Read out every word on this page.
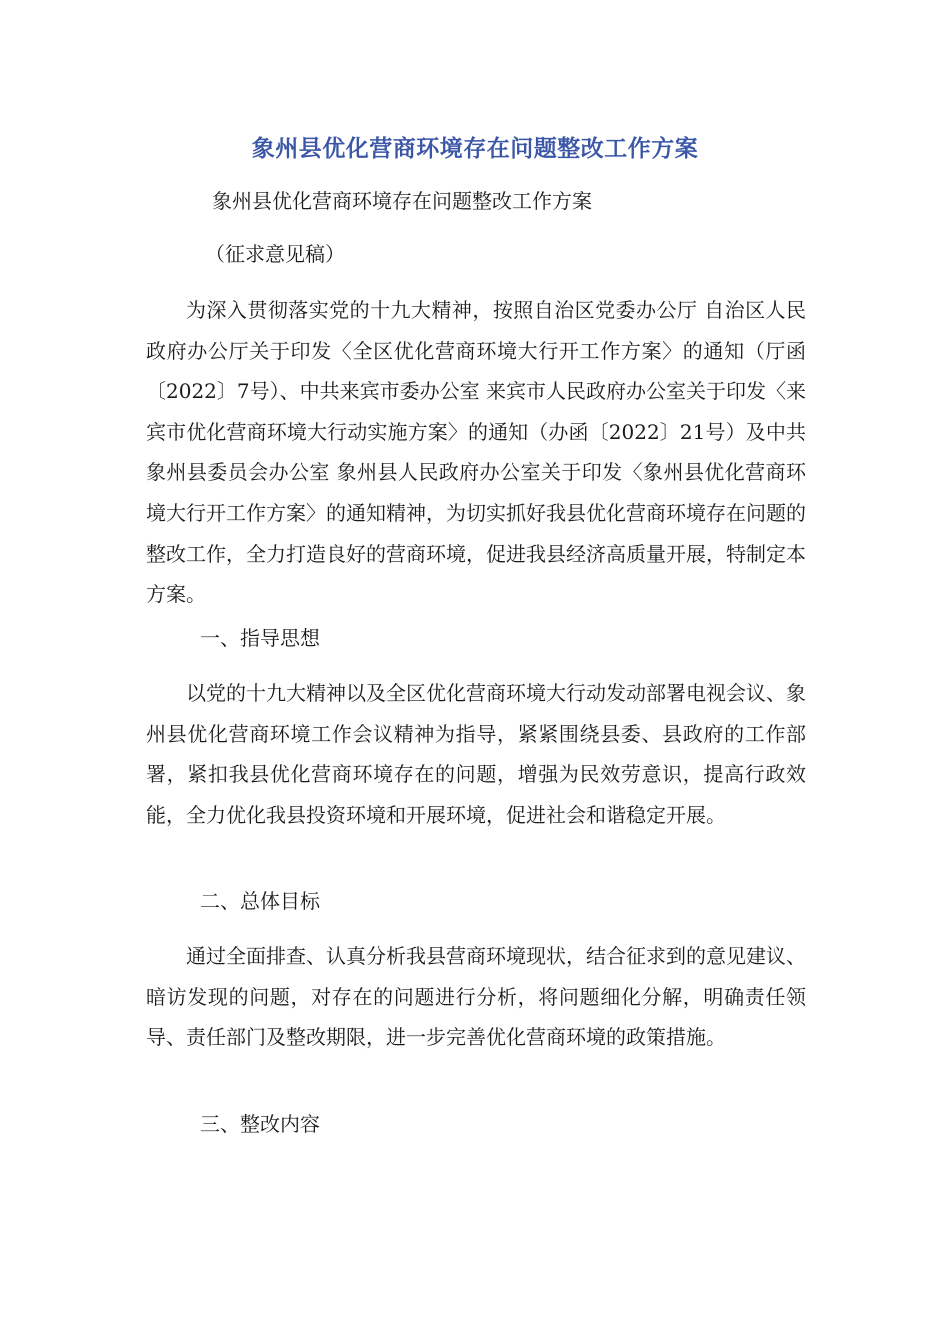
象州县优化营商环境存在问题整改工作方案
象州县优化营商环境存在问题整改工作方案
（征求意见稿）

为深入贯彻落实党的十九大精神，按照自治区党委办公厅 自治区人民政府办公厅关于印发〈全区优化营商环境大行开工作方案〉的通知（厅函〔2022〕7号）、中共来宾市委办公室 来宾市人民政府办公室关于印发〈来宾市优化营商环境大行动实施方案〉的通知（办函〔2022〕21号）及中共象州县委员会办公室 象州县人民政府办公室关于印发〈象州县优化营商环境大行开工作方案〉的通知精神，为切实抓好我县优化营商环境存在问题的整改工作，全力打造良好的营商环境，促进我县经济高质量开展，特制定本方案。

一、指导思想

以党的十九大精神以及全区优化营商环境大行动发动部署电视会议、象州县优化营商环境工作会议精神为指导，紧紧围绕县委、县政府的工作部署，紧扣我县优化营商环境存在的问题，增强为民效劳意识，提高行政效能，全力优化我县投资环境和开展环境，促进社会和谐稳定开展。

二、总体目标

通过全面排查、认真分析我县营商环境现状，结合征求到的意见建议、暗访发现的问题，对存在的问题进行分析，将问题细化分解，明确责任领导、责任部门及整改期限，进一步完善优化营商环境的政策措施。

三、整改内容
